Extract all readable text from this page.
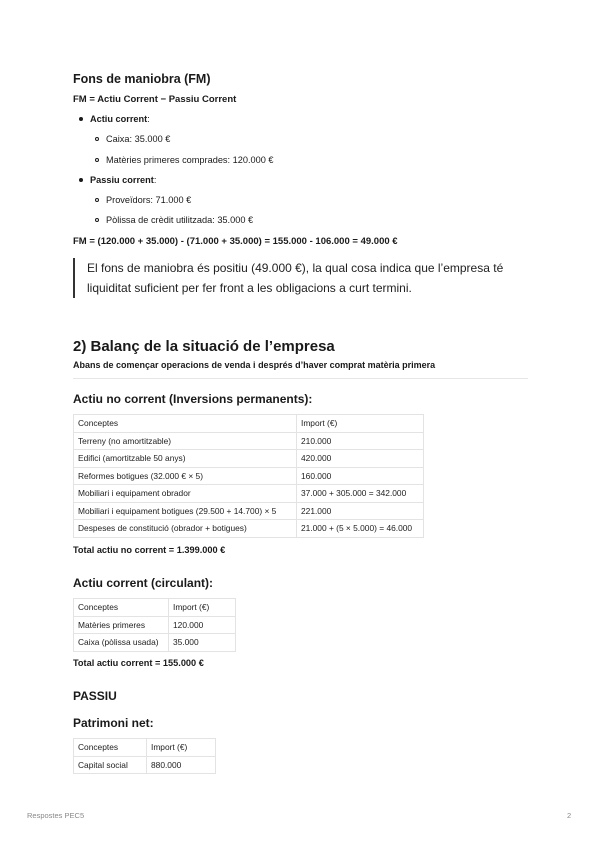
Fons de maniobra (FM)
FM = Actiu Corrent − Passiu Corrent
Actiu corrent:
Caixa: 35.000 €
Matèries primeres comprades: 120.000 €
Passiu corrent:
Proveïdors: 71.000 €
Pòlissa de crèdit utilitzada: 35.000 €
FM = (120.000 + 35.000) - (71.000 + 35.000) = 155.000 - 106.000 = 49.000 €
El fons de maniobra és positiu (49.000 €), la qual cosa indica que l’empresa té liquiditat suficient per fer front a les obligacions a curt termini.
2) Balanç de la situació de l’empresa
Abans de començar operacions de venda i després d’haver comprat matèria primera
Actiu no corrent (Inversions permanents):
Conceptes	Import (€)
Terreny (no amortitzable)	210.000
Edifici (amortitzable 50 anys)	420.000
Reformes botigues (32.000 € × 5)	160.000
Mobiliari i equipament obrador	37.000 + 305.000 = 342.000
Mobiliari i equipament botigues (29.500 + 14.700) × 5	221.000
Despeses de constitució (obrador + botigues)	21.000 + (5 × 5.000) = 46.000
Total actiu no corrent = 1.399.000 €
Actiu corrent (circulant):
Conceptes	Import (€)
Matèries primeres	120.000
Caixa (pòlissa usada)	35.000
Total actiu corrent = 155.000 €
PASSIU
Patrimoni net:
Conceptes	Import (€)
Capital social	880.000
Respostes PEC5	2
